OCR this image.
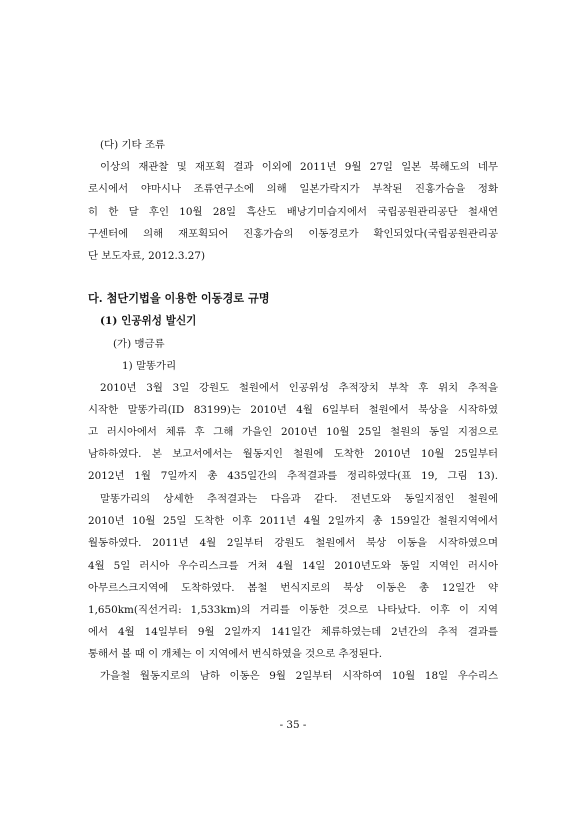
(다) 기타 조류
이상의 재관찰 및 재포획 결과 이외에 2011년 9월 27일 일본 북해도의 네무
로시에서 야마시나 조류연구소에 의해 일본가락지가 부착된 진홍가슴을 정화
히 한 달 후인 10월 28일 흑산도 배낭기미습지에서 국립공원관리공단 철새연
구센터에 의해 재포획되어 진홍가슴의 이동경로가 확인되었다(국립공원관리공
단 보도자료, 2012.3.27)
다. 첨단기법을 이용한 이동경로 규명
(1) 인공위성 발신기
(가) 맹금류
1) 말똥가리
2010년 3월 3일 강원도 철원에서 인공위성 추적장치 부착 후 위치 추적을
시작한 말똥가리(ID 83199)는 2010년 4월 6일부터 철원에서 북상을 시작하였
고 러시아에서 체류 후 그해 가을인 2010년 10월 25일 철원의 동일 지점으로
남하하였다. 본 보고서에서는 월동지인 철원에 도착한 2010년 10월 25일부터
2012년 1월 7일까지 총 435일간의 추적결과를 정리하였다(표 19, 그림 13).
말똥가리의 상세한 추적결과는 다음과 같다. 전년도와 동일지점인 철원에
2010년 10월 25일 도착한 이후 2011년 4월 2일까지 총 159일간 철원지역에서
월동하였다. 2011년 4월 2일부터 강원도 철원에서 북상 이동을 시작하였으며
4월 5일 러시아 우수리스크를 거쳐 4월 14일 2010년도와 동일 지역인 러시아
아무르스크지역에 도착하였다. 봄철 번식지로의 북상 이동은 총 12일간 약
1,650km(직선거리: 1,533km)의 거리를 이동한 것으로 나타났다. 이후 이 지역
에서 4월 14일부터 9월 2일까지 141일간 체류하였는데 2년간의 추적 결과를
통해서 볼 때 이 개체는 이 지역에서 번식하였을 것으로 추정된다.
가을철 월동지로의 남하 이동은 9월 2일부터 시작하여 10월 18일 우수리스
- 35 -
